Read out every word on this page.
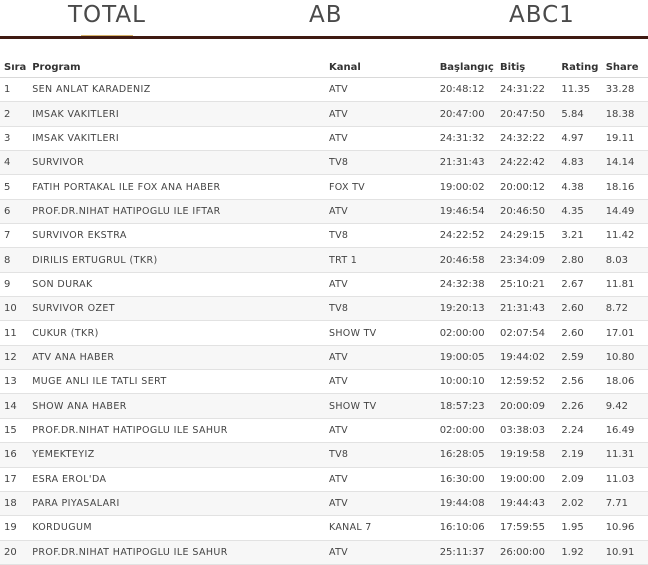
TOTAL	AB	ABC1
Sıra	Program	Kanal	Başlangıç	Bitiş	Rating	Share
1	SEN ANLAT KARADENIZ	ATV	20:48:12	24:31:22	11.35	33.28
2	IMSAK VAKITLERI	ATV	20:47:00	20:47:50	5.84	18.38
3	IMSAK VAKITLERI	ATV	24:31:32	24:32:22	4.97	19.11
4	SURVIVOR	TV8	21:31:43	24:22:42	4.83	14.14
5	FATIH PORTAKAL ILE FOX ANA HABER	FOX TV	19:00:02	20:00:12	4.38	18.16
6	PROF.DR.NIHAT HATIPOGLU ILE IFTAR	ATV	19:46:54	20:46:50	4.35	14.49
7	SURVIVOR EKSTRA	TV8	24:22:52	24:29:15	3.21	11.42
8	DIRILIS ERTUGRUL (TKR)	TRT 1	20:46:58	23:34:09	2.80	8.03
9	SON DURAK	ATV	24:32:38	25:10:21	2.67	11.81
10	SURVIVOR OZET	TV8	19:20:13	21:31:43	2.60	8.72
11	CUKUR (TKR)	SHOW TV	02:00:00	02:07:54	2.60	17.01
12	ATV ANA HABER	ATV	19:00:05	19:44:02	2.59	10.80
13	MUGE ANLI ILE TATLI SERT	ATV	10:00:10	12:59:52	2.56	18.06
14	SHOW ANA HABER	SHOW TV	18:57:23	20:00:09	2.26	9.42
15	PROF.DR.NIHAT HATIPOGLU ILE SAHUR	ATV	02:00:00	03:38:03	2.24	16.49
16	YEMEKTEYIZ	TV8	16:28:05	19:19:58	2.19	11.31
17	ESRA EROL'DA	ATV	16:30:00	19:00:00	2.09	11.03
18	PARA PIYASALARI	ATV	19:44:08	19:44:43	2.02	7.71
19	KORDUGUM	KANAL 7	16:10:06	17:59:55	1.95	10.96
20	PROF.DR.NIHAT HATIPOGLU ILE SAHUR	ATV	25:11:37	26:00:00	1.92	10.91
